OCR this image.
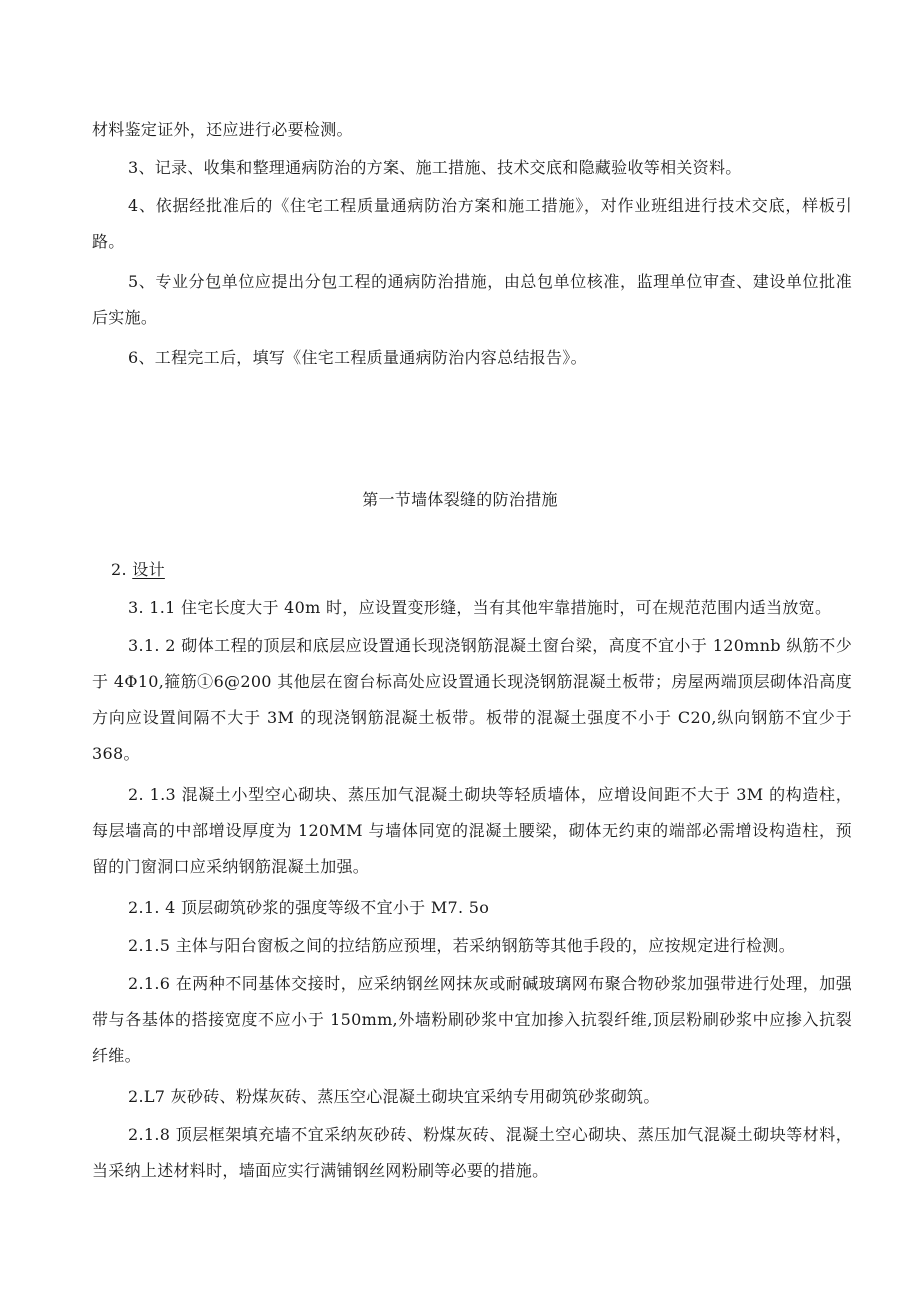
材料鉴定证外，还应进行必要检测。

3、记录、收集和整理通病防治的方案、施工措施、技术交底和隐藏验收等相关资料。

4、依据经批准后的《住宅工程质量通病防治方案和施工措施》，对作业班组进行技术交底，样板引路。

5、专业分包单位应提出分包工程的通病防治措施，由总包单位核准，监理单位审查、建设单位批准后实施。

6、工程完工后，填写《住宅工程质量通病防治内容总结报告》。

第一节墙体裂缝的防治措施

2. 设计

3. 1.1 住宅长度大于 40m 时，应设置变形缝，当有其他牢靠措施时，可在规范范围内适当放宽。

3.1. 2 砌体工程的顶层和底层应设置通长现浇钢筋混凝土窗台梁，高度不宜小于 120mnb 纵筋不少于 4Φ10,箍筋①6@200 其他层在窗台标高处应设置通长现浇钢筋混凝土板带；房屋两端顶层砌体沿高度方向应设置间隔不大于 3M 的现浇钢筋混凝土板带。板带的混凝土强度不小于 C20,纵向钢筋不宜少于 368。

2. 1.3 混凝土小型空心砌块、蒸压加气混凝土砌块等轻质墙体，应增设间距不大于 3M 的构造柱，每层墙高的中部增设厚度为 120MM 与墙体同宽的混凝土腰梁，砌体无约束的端部必需增设构造柱，预留的门窗洞口应采纳钢筋混凝土加强。

2.1. 4 顶层砌筑砂浆的强度等级不宜小于 M7. 5o

2.1.5 主体与阳台窗板之间的拉结筋应预埋，若采纳钢筋等其他手段的，应按规定进行检测。

2.1.6 在两种不同基体交接时，应采纳钢丝网抹灰或耐碱玻璃网布聚合物砂浆加强带进行处理，加强带与各基体的搭接宽度不应小于 150mm,外墙粉刷砂浆中宜加掺入抗裂纤维,顶层粉刷砂浆中应掺入抗裂纤维。

2.L7 灰砂砖、粉煤灰砖、蒸压空心混凝土砌块宜采纳专用砌筑砂浆砌筑。

2.1.8 顶层框架填充墙不宜采纳灰砂砖、粉煤灰砖、混凝土空心砌块、蒸压加气混凝土砌块等材料，当采纳上述材料时，墙面应实行满铺钢丝网粉刷等必要的措施。
